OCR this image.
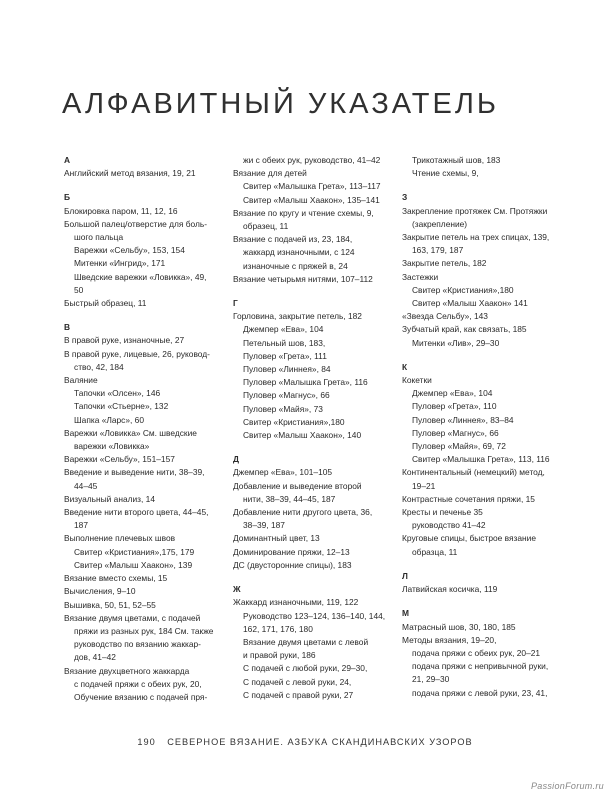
АЛФАВИТНЫЙ УКАЗАТЕЛЬ
А
Английский метод вязания, 19, 21
Б
Блокировка паром, 11, 12, 16
Большой палец/отверстие для боль-
шого пальца
Варежки «Сельбу», 153, 154
Митенки «Ингрид», 171
Шведские варежки «Ловикка», 49,
50
Быстрый образец, 11
В
В правой руке, изнаночные, 27
В правой руке, лицевые, 26, руковод-
ство, 42, 184
Валяние
Тапочки «Олсен», 146
Тапочки «Стьерне», 132
Шапка «Ларс», 60
Варежки «Ловикка» См. шведские
варежки «Ловикка»
Варежки «Сельбу», 151–157
Введение и выведение нити, 38–39,
44–45
Визуальный анализ, 14
Введение нити второго цвета, 44–45,
187
Выполнение плечевых швов
Свитер «Кристиания»,175, 179
Свитер «Малыш Хаакон», 139
Вязание вместо схемы, 15
Вычисления, 9–10
Вышивка, 50, 51, 52–55
Вязание двумя цветами, с подачей
пряжи из разных рук, 184 См. также
руководство по вязанию жаккар-
дов, 41–42
Вязание двухцветного жаккарда
с подачей пряжи с обеих рук, 20,
Обучение вязанию с подачей пря-
жи с обеих рук, руководство, 41–42
Вязание для детей
Свитер «Малышка Грета», 113–117
Свитер «Малыш Хаакон», 135–141
Вязание по кругу и чтение схемы, 9,
образец, 11
Вязание с подачей из, 23, 184,
жаккард изнаночными, с 124
изнаночные с пряжей в, 24
Вязание четырьмя нитями, 107–112
Г
Горловина, закрытие петель, 182
Джемпер «Ева», 104
Петельный шов, 183,
Пуловер «Грета», 111
Пуловер «Линнея», 84
Пуловер «Малышка Грета», 116
Пуловер «Магнус», 66
Пуловер «Майя», 73
Свитер «Кристиания»,180
Свитер «Малыш Хаакон», 140
Д
Джемпер «Ева», 101–105
Добавление и выведение второй
нити, 38–39, 44–45, 187
Добавление нити другого цвета, 36,
38–39, 187
Доминантный цвет, 13
Доминирование пряжи, 12–13
ДС (двусторонние спицы), 183
Ж
Жаккард изнаночными, 119, 122
Руководство 123–124, 136–140, 144,
162, 171, 176, 180
Вязание двумя цветами с левой
и правой руки, 186
С подачей с любой руки, 29–30,
С подачей с левой руки, 24,
С подачей с правой руки, 27
Трикотажный шов, 183
Чтение схемы, 9,
З
Закрепление протяжек См. Протяжки
(закрепление)
Закрытие петель на трех спицах, 139,
163, 179, 187
Закрытие петель, 182
Застежки
Свитер «Кристиания»,180
Свитер «Малыш Хаакон» 141
«Звезда Сельбу», 143
Зубчатый край, как связать, 185
Митенки «Лив», 29–30
К
Кокетки
Джемпер «Ева», 104
Пуловер «Грета», 110
Пуловер «Линнея», 83–84
Пуловер «Магнус», 66
Пуловер «Майя», 69, 72
Свитер «Малышка Грета», 113, 116
Континентальный (немецкий) метод,
19–21
Контрастные сочетания пряжи, 15
Кресты и печенье 35
руководство 41–42
Круговые спицы, быстрое вязание
образца, 11
Л
Латвийская косичка, 119
М
Матрасный шов, 30, 180, 185
Методы вязания, 19–20,
подача пряжи с обеих рук, 20–21
подача пряжи с непривычной руки,
21, 29–30
подача пряжи с левой руки, 23, 41,
190 СЕВЕРНОЕ ВЯЗАНИЕ. АЗБУКА СКАНДИНАВСКИХ УЗОРОВ
PassionForum.ru
